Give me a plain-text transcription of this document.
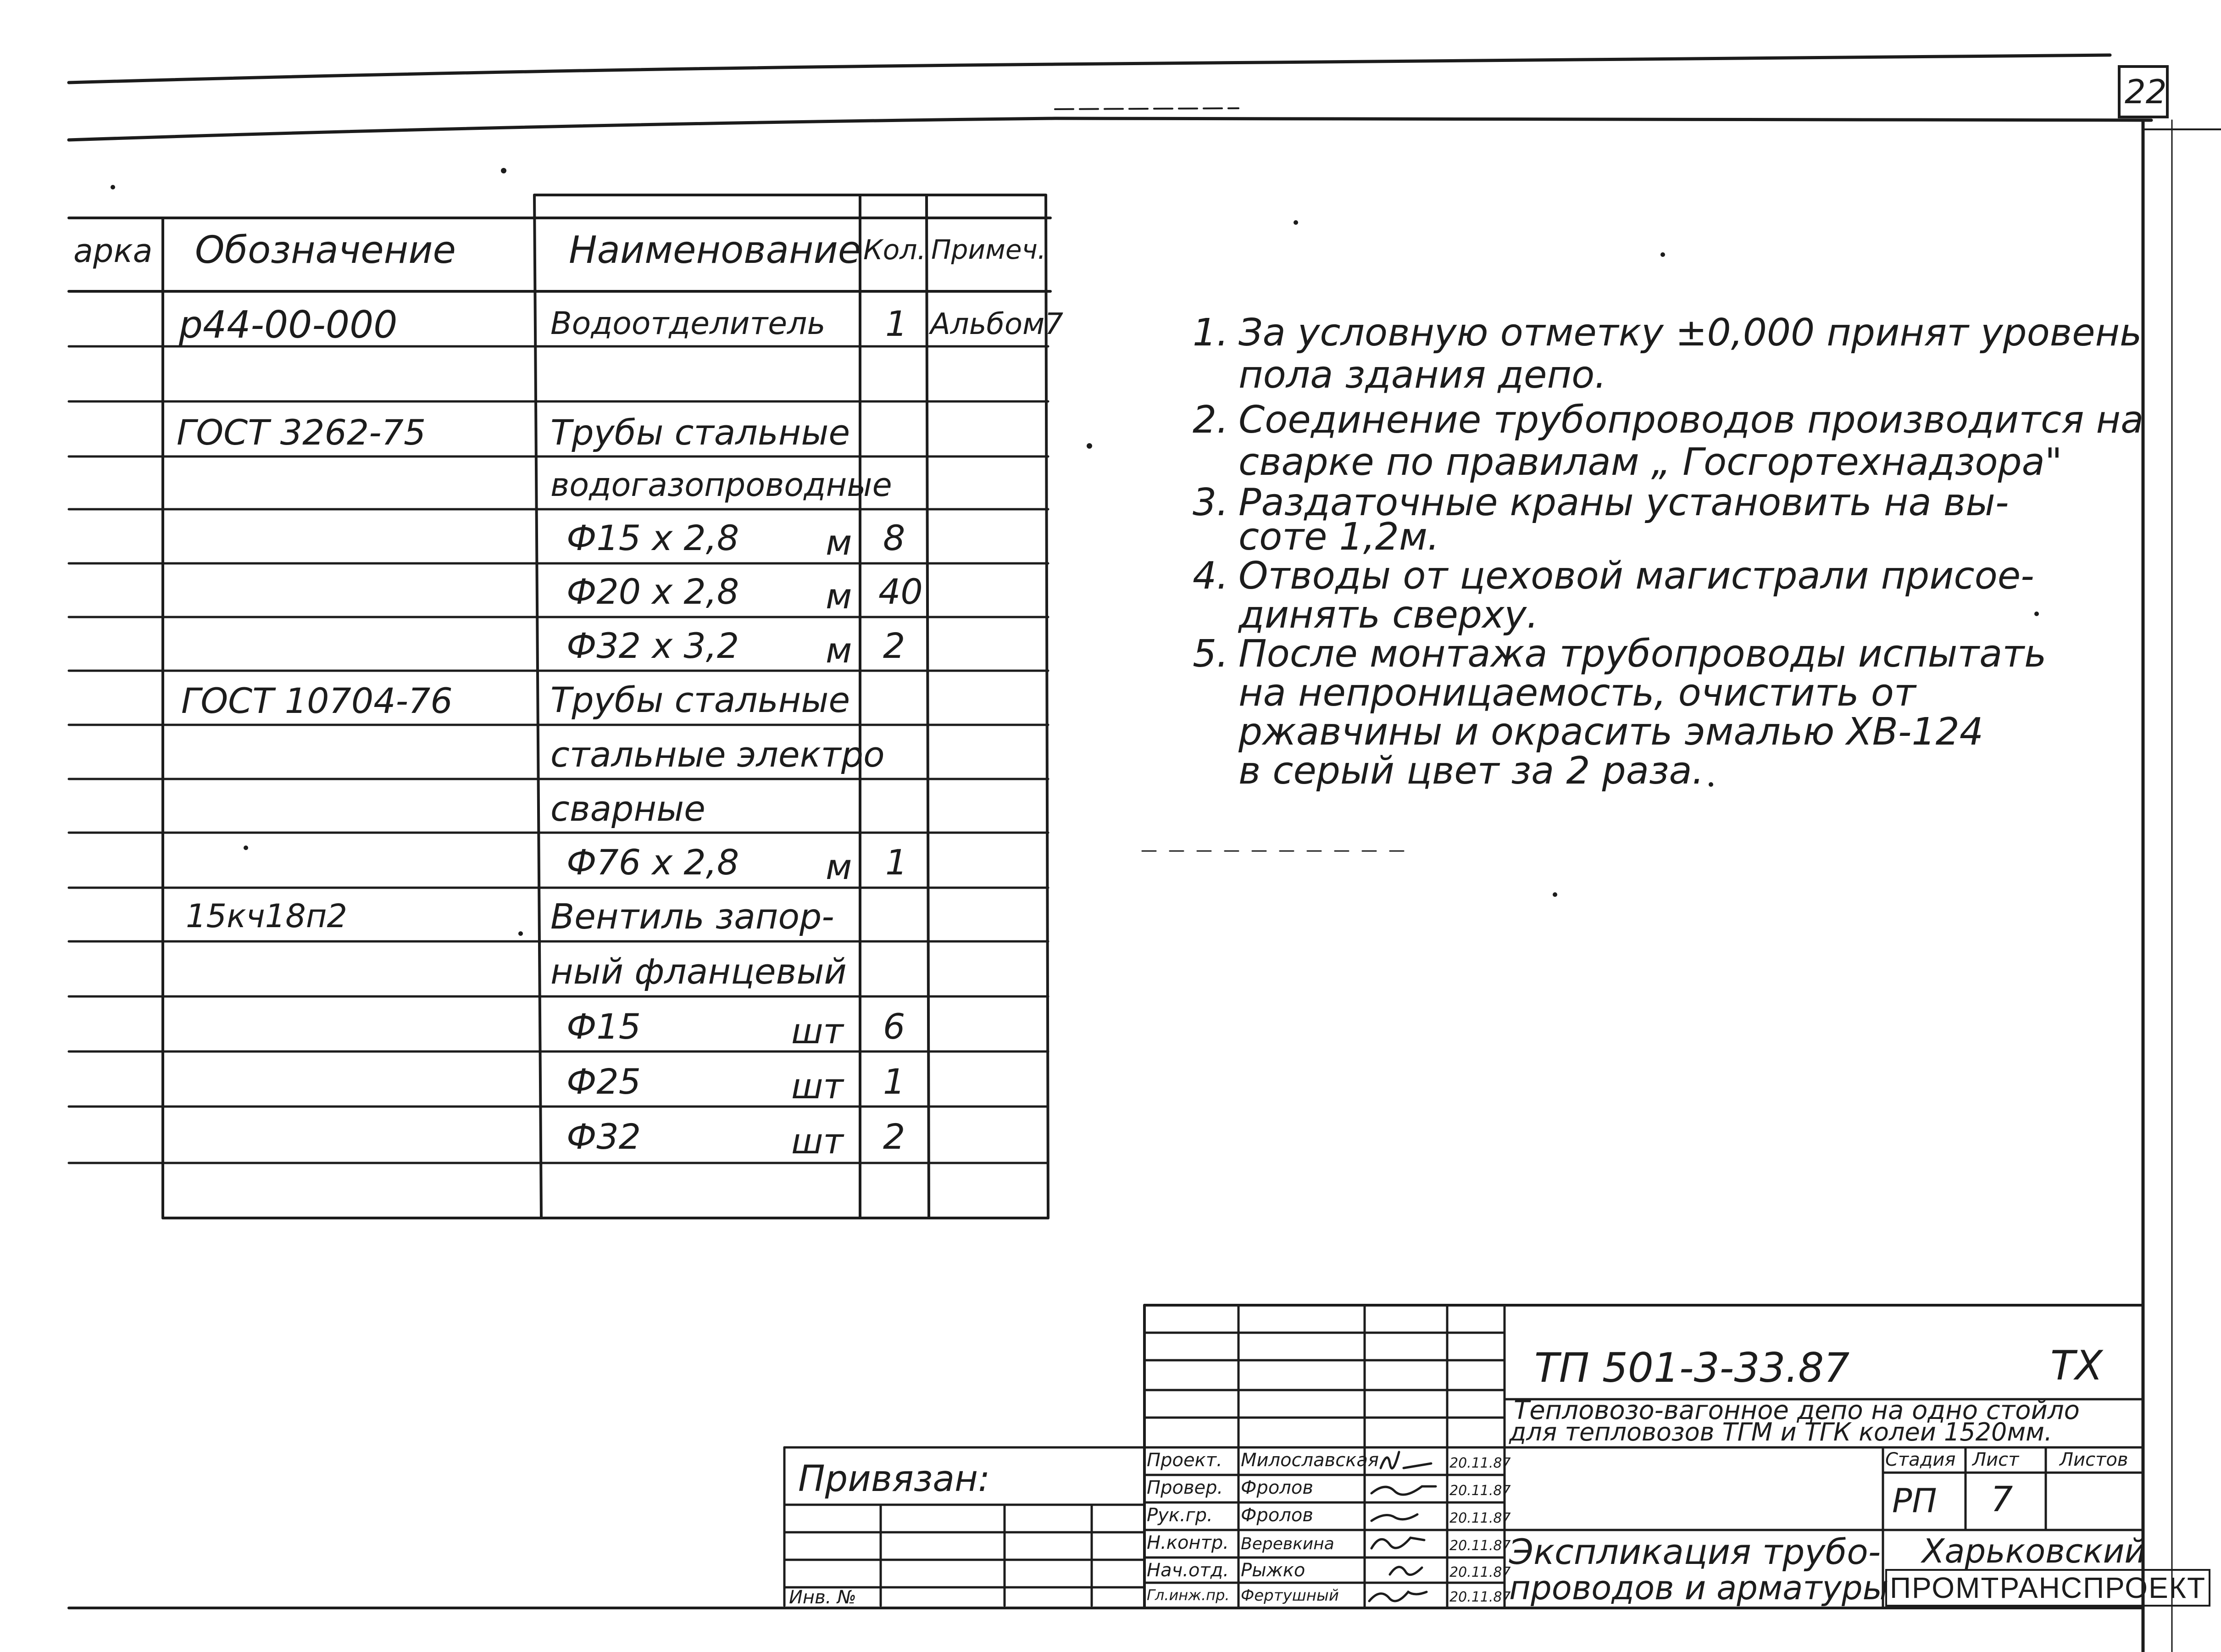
22
арка Обозначение	Наименование Кол. Примеч.
р44-00-000	Водоотделитель 1 Альбом7
ГОСТ 3262-75	Трубы стальные
водогазопроводные
Ф15 х 2,8 м 8
Ф20 х 2,8 м 40
Ф32 х 3,2 м 2
ГОСТ 10704-76	Трубы стальные
стальные электро
сварные
Ф76 х 2,8 м 1
15кч18п2	Вентиль запор-
ный фланцевый
Ф15	шт 6
Ф25	шт 1
Ф32	шт 2
1. За условную отметку ±0,000 принят уровень
пола здания депо.
2. Соединение трубопроводов производится на
сварке по правилам „ Госгортехнадзора"
3. Раздаточные краны установить на вы-
соте 1,2м.
4. Отводы от цеховой магистрали присое-
динять сверху.
5. После монтажа трубопроводы испытать
на непроницаемость, очистить от
ржавчины и окрасить эмалью ХВ-124
в серый цвет за 2 раза.
Привязан:
Инв. №
ТП 501-3-33.87	ТХ
Тепловозо-вагонное депо на одно стойло
для тепловозов ТГМ и ТГК колеи 1520мм.
Стадия Лист Листов
РП 7
Экспликация трубо-
проводов и арматуры
Харьковский
ПРОМТРАНСПРОЕКТ
Проект. Милославская	20.11.87
Провер. Фролов	20.11.87
Рук.гр. Фролов	20.11.87
Н.контр. Веревкина	20.11.87
Нач.отд. Рыжко	20.11.87
Гл.инж.пр. Фертушный	20.11.87
